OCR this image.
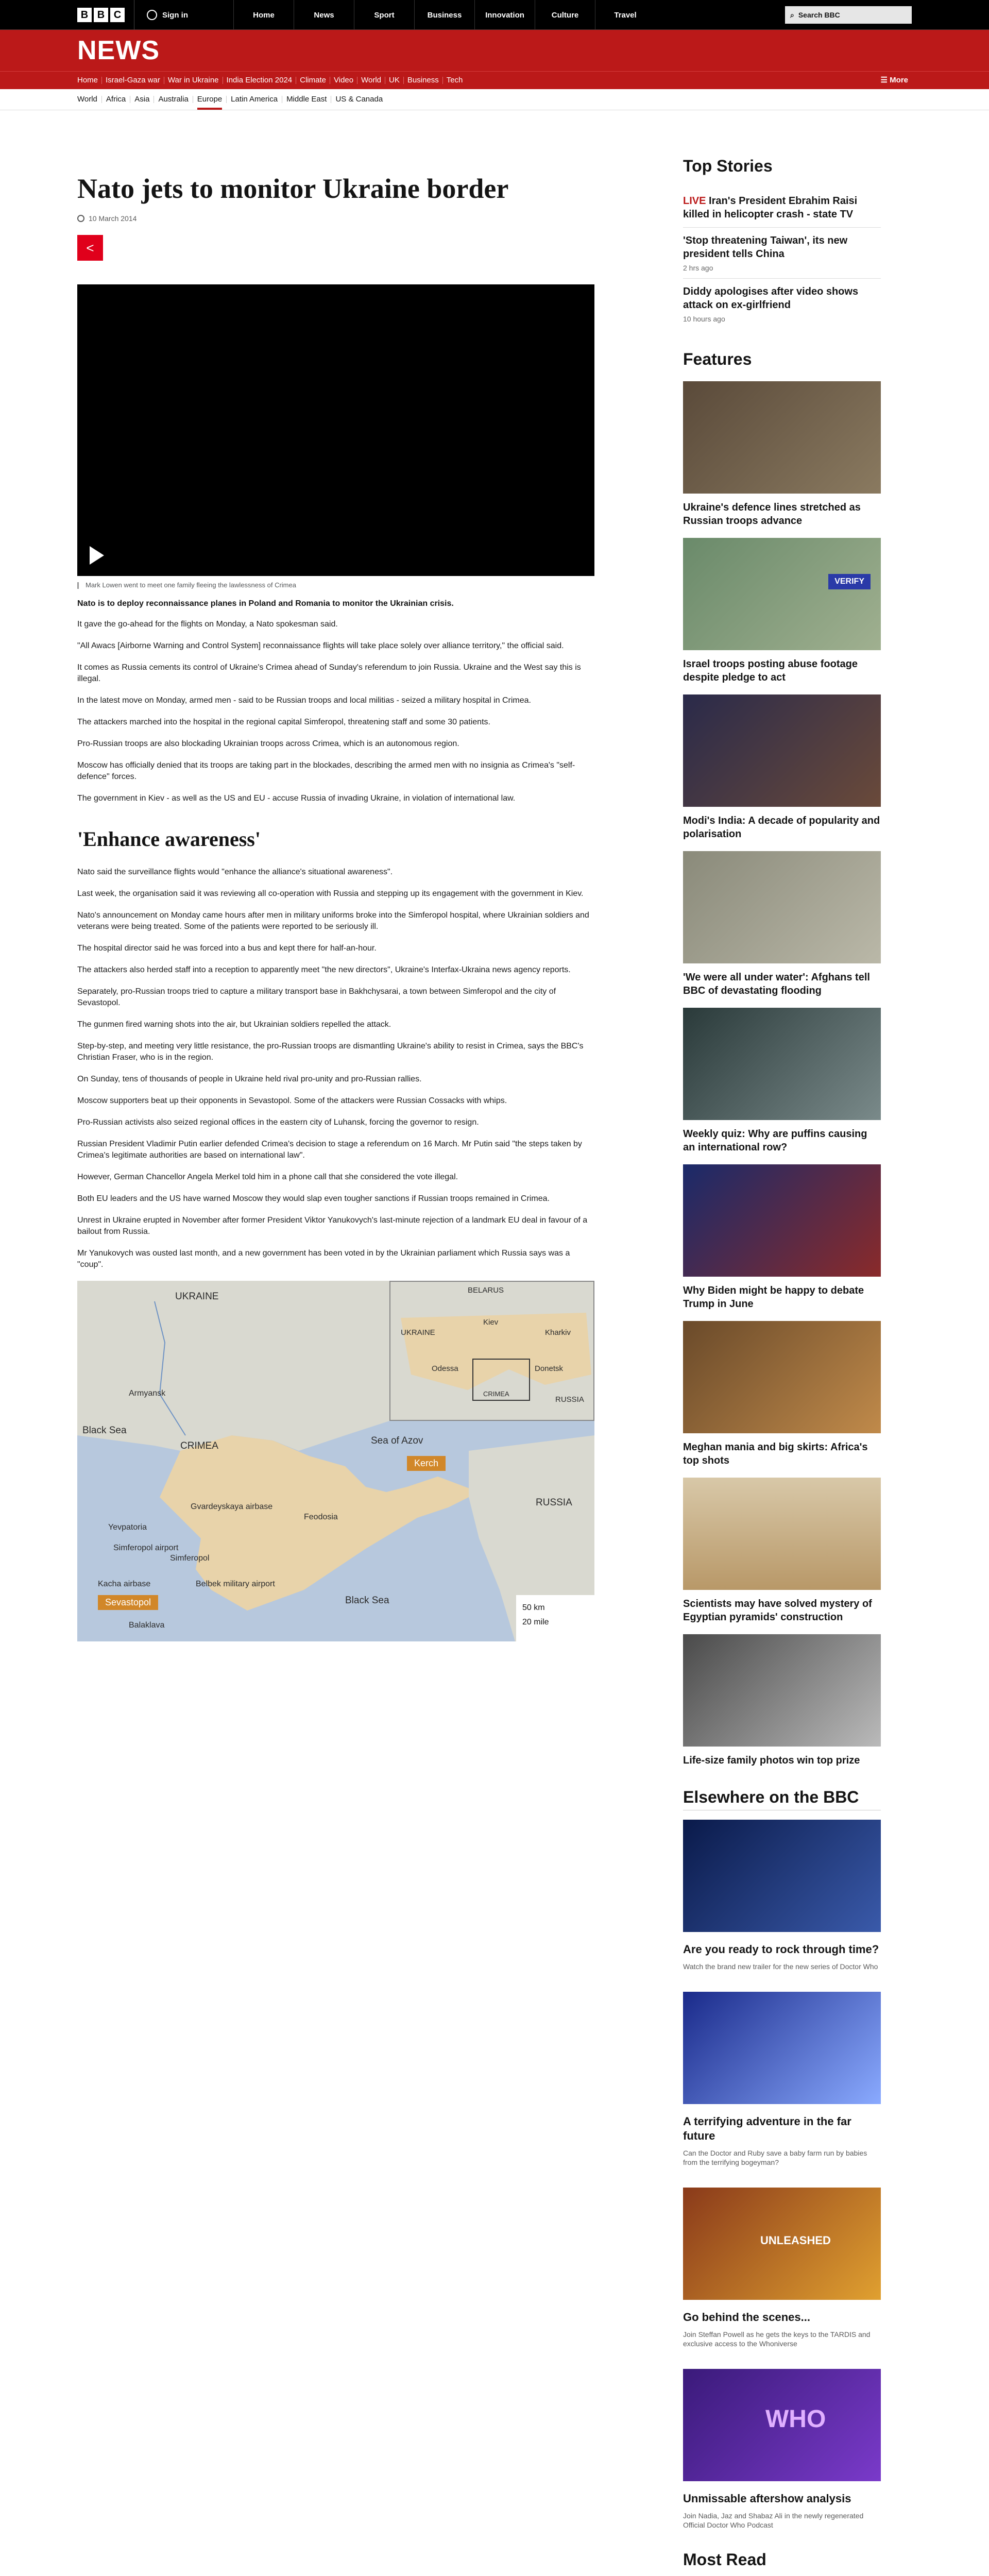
B B C	Sign in	Home	News	Sport	Business	Innovation	Culture	Travel	⌕ Search BBC
NEWS
Home	Israel-Gaza war	War in Ukraine	India Election 2024	Climate	Video	World	UK	Business	Tech	☰ More
World	Africa	Asia	Australia	Europe	Latin America	Middle East	US & Canada
Nato jets to monitor Ukraine border
10 March 2014
<

Mark Lowen went to meet one family fleeing the lawlessness of Crimea

Nato is to deploy reconnaissance planes in Poland and Romania to monitor the Ukrainian crisis.

It gave the go-ahead for the flights on Monday, a Nato spokesman said.

"All Awacs [Airborne Warning and Control System] reconnaissance flights will take place solely over alliance territory," the official said.

It comes as Russia cements its control of Ukraine's Crimea ahead of Sunday's referendum to join Russia. Ukraine and the West say this is illegal.

In the latest move on Monday, armed men - said to be Russian troops and local militias - seized a military hospital in Crimea.

The attackers marched into the hospital in the regional capital Simferopol, threatening staff and some 30 patients.

Pro-Russian troops are also blockading Ukrainian troops across Crimea, which is an autonomous region.

Moscow has officially denied that its troops are taking part in the blockades, describing the armed men with no insignia as Crimea's "self-defence" forces.

The government in Kiev - as well as the US and EU - accuse Russia of invading Ukraine, in violation of international law.

'Enhance awareness'

Nato said the surveillance flights would "enhance the alliance's situational awareness".

Last week, the organisation said it was reviewing all co-operation with Russia and stepping up its engagement with the government in Kiev.

Nato's announcement on Monday came hours after men in military uniforms broke into the Simferopol hospital, where Ukrainian soldiers and veterans were being treated. Some of the patients were reported to be seriously ill.

The hospital director said he was forced into a bus and kept there for half-an-hour.

The attackers also herded staff into a reception to apparently meet "the new directors", Ukraine's Interfax-Ukraina news agency reports.

Separately, pro-Russian troops tried to capture a military transport base in Bakhchysarai, a town between Simferopol and the city of Sevastopol.

The gunmen fired warning shots into the air, but Ukrainian soldiers repelled the attack.

Step-by-step, and meeting very little resistance, the pro-Russian troops are dismantling Ukraine's ability to resist in Crimea, says the BBC's Christian Fraser, who is in the region.

On Sunday, tens of thousands of people in Ukraine held rival pro-unity and pro-Russian rallies.

Moscow supporters beat up their opponents in Sevastopol. Some of the attackers were Russian Cossacks with whips.

Pro-Russian activists also seized regional offices in the eastern city of Luhansk, forcing the governor to resign.

Russian President Vladimir Putin earlier defended Crimea's decision to stage a referendum on 16 March. Mr Putin said "the steps taken by Crimea's legitimate authorities are based on international law".

However, German Chancellor Angela Merkel told him in a phone call that she considered the vote illegal.

Both EU leaders and the US have warned Moscow they would slap even tougher sanctions if Russian troops remained in Crimea.

Unrest in Ukraine erupted in November after former President Viktor Yanukovych's last-minute rejection of a landmark EU deal in favour of a bailout from Russia.

Mr Yanukovych was ousted last month, and a new government has been voted in by the Ukrainian parliament which Russia says was a "coup".

UKRAINE
Armyansk
CRIMEA
Black Sea
Sea of Azov
Kerch
RUSSIA
Yevpatoria
Simferopol airport
Gvardeyskaya airbase
Simferopol
Feodosia
Kacha airbase	Belbek military airport
Sevastopol
Balaklava
Black Sea
BELARUS
UKRAINE
Kiev
Kharkiv
Odessa	Donetsk
CRIMEA
RUSSIA
50 km
20 mile
Top Stories
LIVE Iran's President Ebrahim Raisi killed in helicopter crash - state TV
'Stop threatening Taiwan', its new president tells China
2 hrs ago
Diddy apologises after video shows attack on ex-girlfriend
10 hours ago
Features
Ukraine's defence lines stretched as Russian troops advance
VERIFY
Israel troops posting abuse footage despite pledge to act
Modi's India: A decade of popularity and polarisation
'We were all under water': Afghans tell BBC of devastating flooding
Weekly quiz: Why are puffins causing an international row?
Why Biden might be happy to debate Trump in June
Meghan mania and big skirts: Africa's top shots
Scientists may have solved mystery of Egyptian pyramids' construction
Life-size family photos win top prize
Elsewhere on the BBC
Are you ready to rock through time?
Watch the brand new trailer for the new series of Doctor Who
A terrifying adventure in the far future
Can the Doctor and Ruby save a baby farm run by babies from the terrifying bogeyman?
UNLEASHED
Go behind the scenes...
Join Steffan Powell as he gets the keys to the TARDIS and exclusive access to the Whoniverse
WHO
Unmissable aftershow analysis
Join Nadia, Jaz and Shabaz Ali in the newly regenerated Official Doctor Who Podcast
Most Read
